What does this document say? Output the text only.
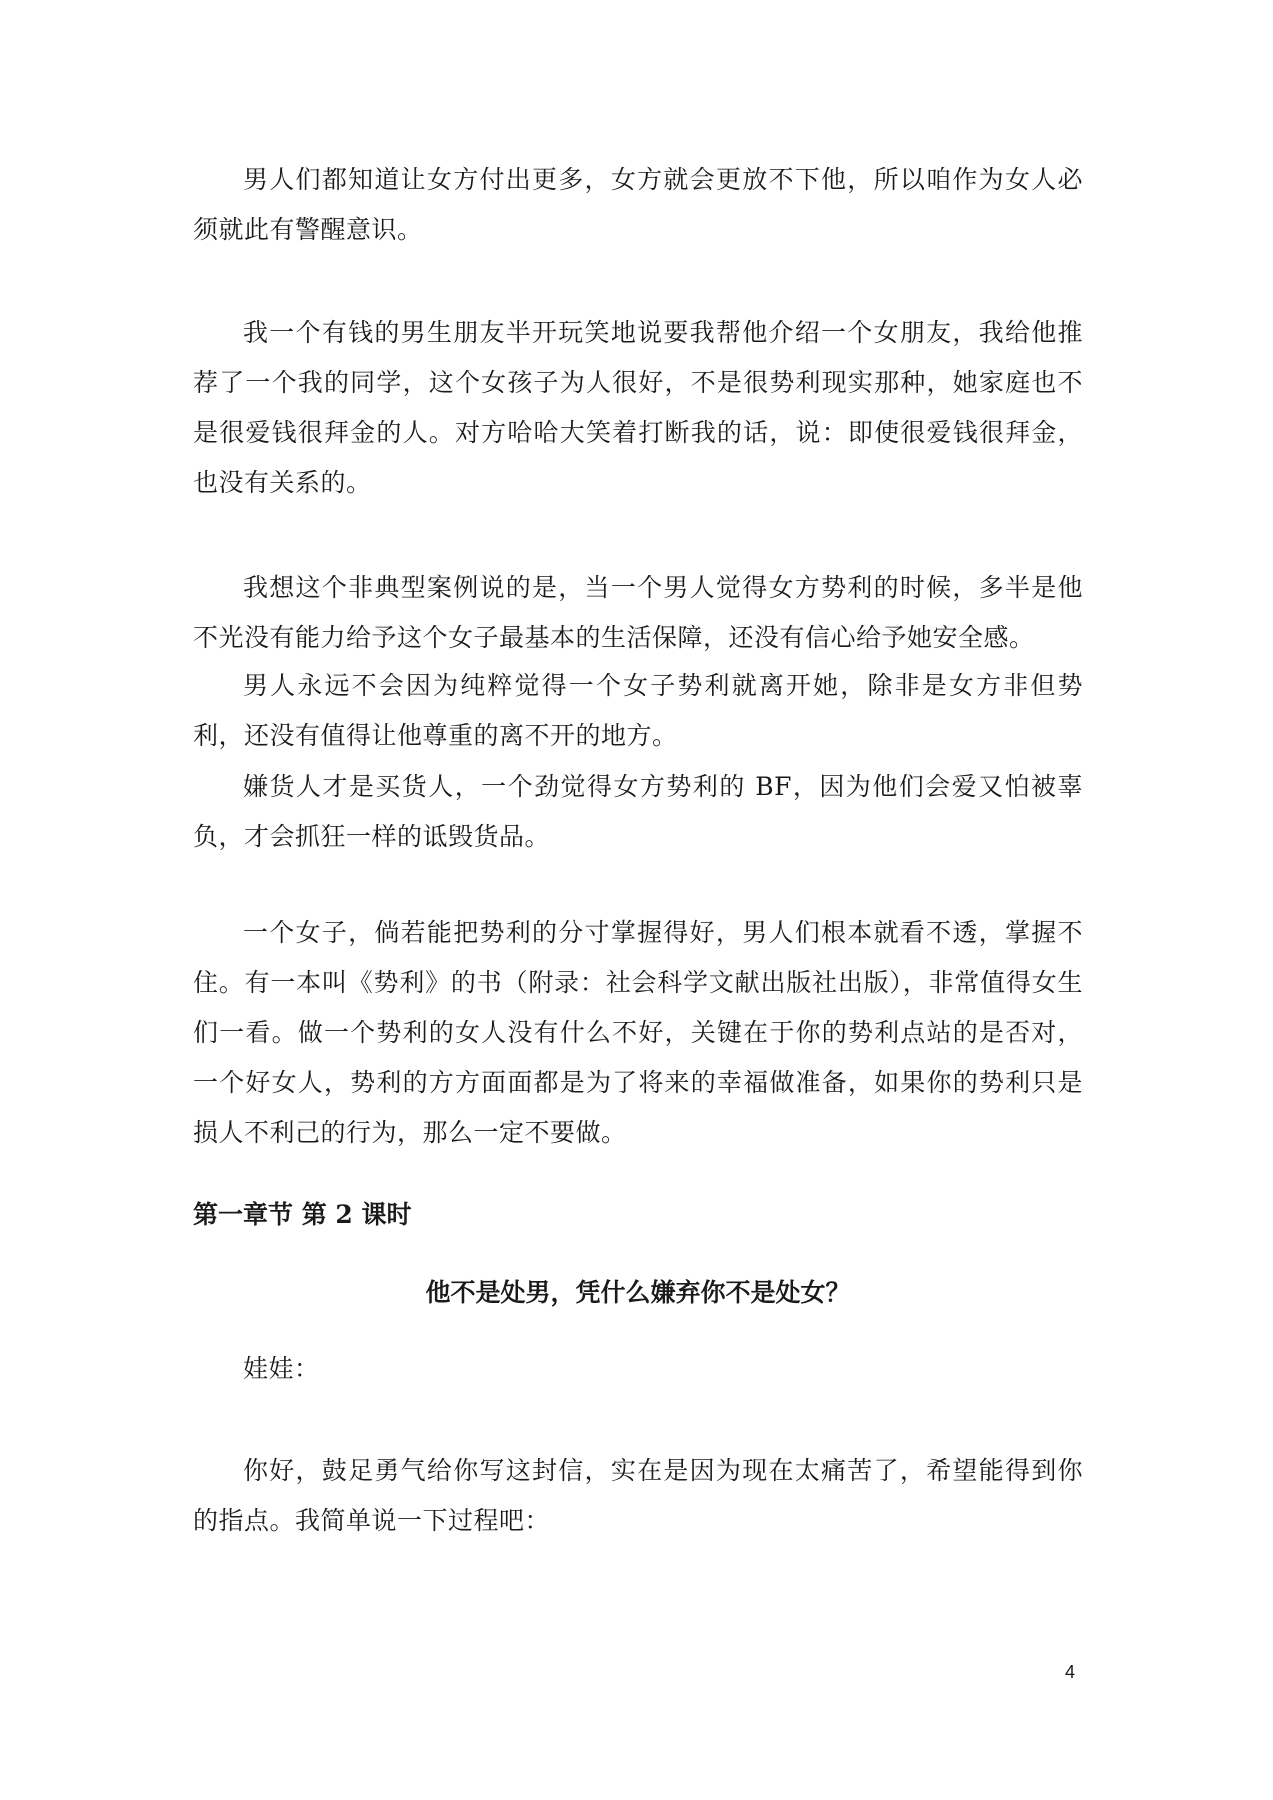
男人们都知道让女方付出更多，女方就会更放不下他，所以咱作为女人必须就此有警醒意识。

我一个有钱的男生朋友半开玩笑地说要我帮他介绍一个女朋友，我给他推荐了一个我的同学，这个女孩子为人很好，不是很势利现实那种，她家庭也不是很爱钱很拜金的人。对方哈哈大笑着打断我的话，说：即使很爱钱很拜金，也没有关系的。

我想这个非典型案例说的是，当一个男人觉得女方势利的时候，多半是他不光没有能力给予这个女子最基本的生活保障，还没有信心给予她安全感。

男人永远不会因为纯粹觉得一个女子势利就离开她，除非是女方非但势利，还没有值得让他尊重的离不开的地方。

嫌货人才是买货人，一个劲觉得女方势利的 BF，因为他们会爱又怕被辜负，才会抓狂一样的诋毁货品。

一个女子，倘若能把势利的分寸掌握得好，男人们根本就看不透，掌握不住。有一本叫《势利》的书（附录：社会科学文献出版社出版），非常值得女生们一看。做一个势利的女人没有什么不好，关键在于你的势利点站的是否对，一个好女人，势利的方方面面都是为了将来的幸福做准备，如果你的势利只是损人不利己的行为，那么一定不要做。

第一章节 第 2 课时
他不是处男，凭什么嫌弃你不是处女？

娃娃：

你好，鼓足勇气给你写这封信，实在是因为现在太痛苦了，希望能得到你的指点。我简单说一下过程吧：

4
